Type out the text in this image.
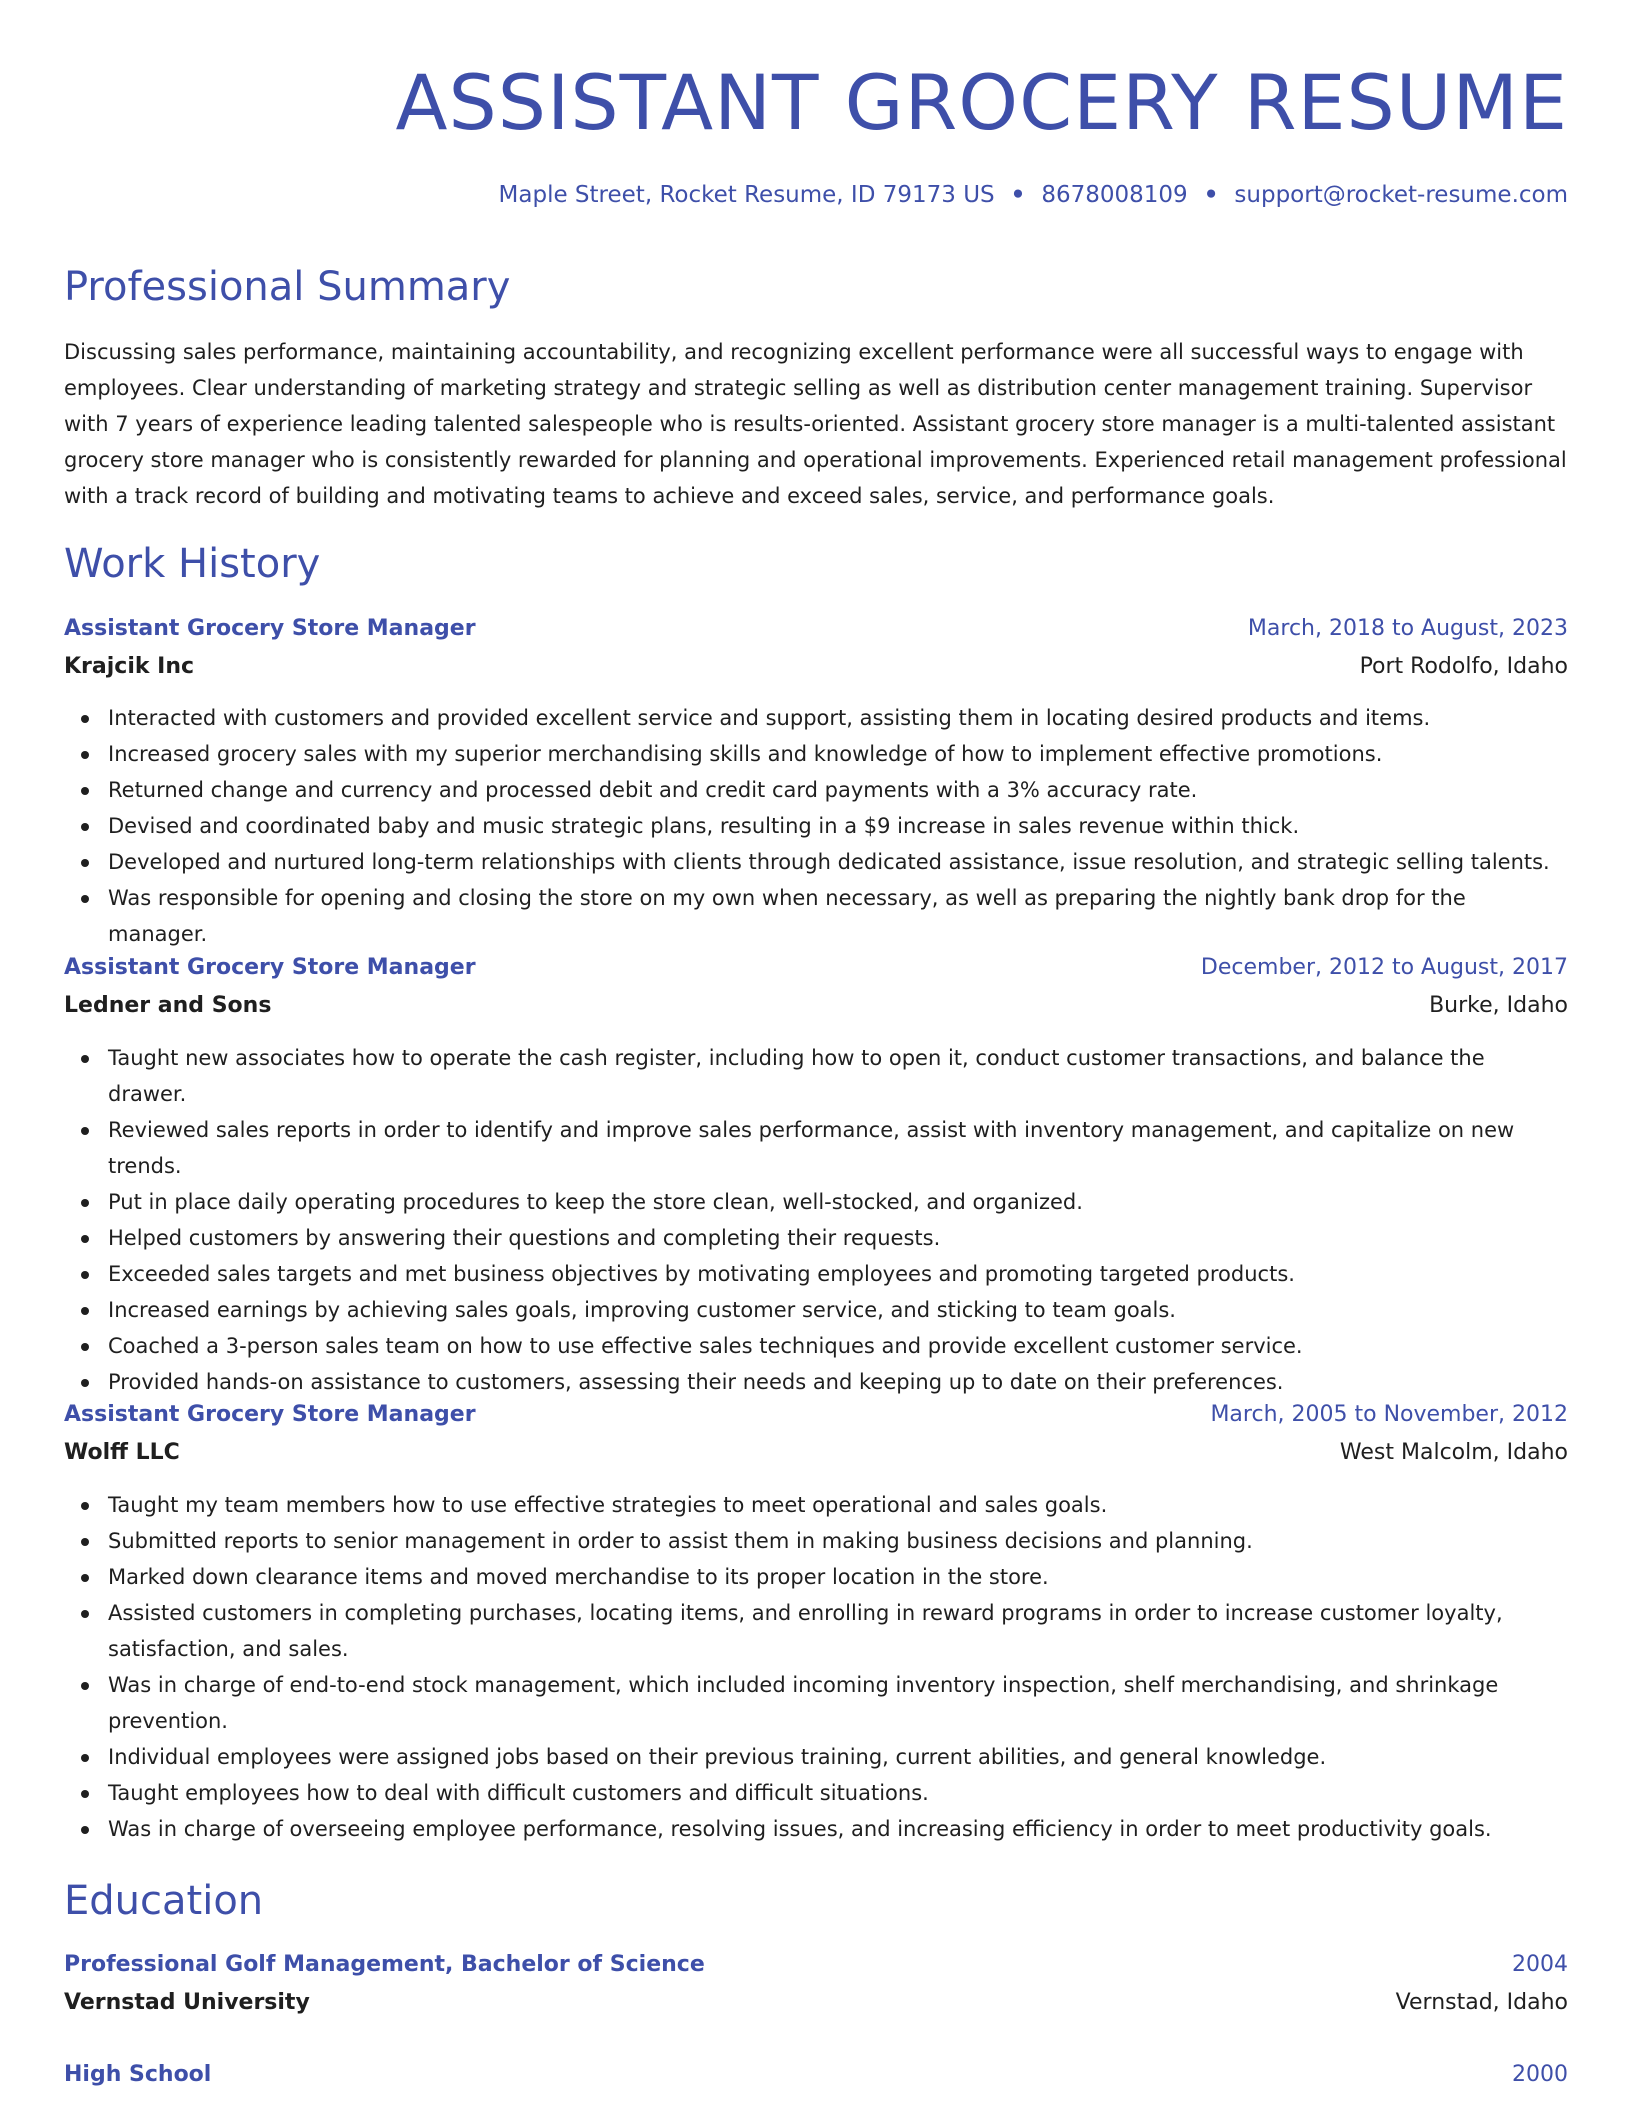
ASSISTANT GROCERY RESUME
Maple Street, Rocket Resume, ID 79173 US • 8678008109 • support@rocket-resume.com
Professional Summary

Discussing sales performance, maintaining accountability, and recognizing excellent performance were all successful ways to engage with employees. Clear understanding of marketing strategy and strategic selling as well as distribution center management training. Supervisor with 7 years of experience leading talented salespeople who is results-oriented. Assistant grocery store manager is a multi-talented assistant grocery store manager who is consistently rewarded for planning and operational improvements. Experienced retail management professional with a track record of building and motivating teams to achieve and exceed sales, service, and performance goals.

Work History
Assistant Grocery Store Manager	March, 2018 to August, 2023
Krajcik Inc	Port Rodolfo, Idaho
Interacted with customers and provided excellent service and support, assisting them in locating desired products and items.
Increased grocery sales with my superior merchandising skills and knowledge of how to implement effective promotions.
Returned change and currency and processed debit and credit card payments with a 3% accuracy rate.
Devised and coordinated baby and music strategic plans, resulting in a $9 increase in sales revenue within thick.
Developed and nurtured long-term relationships with clients through dedicated assistance, issue resolution, and strategic selling talents.
Was responsible for opening and closing the store on my own when necessary, as well as preparing the nightly bank drop for the manager.
Assistant Grocery Store Manager	December, 2012 to August, 2017
Ledner and Sons	Burke, Idaho
Taught new associates how to operate the cash register, including how to open it, conduct customer transactions, and balance the drawer.
Reviewed sales reports in order to identify and improve sales performance, assist with inventory management, and capitalize on new trends.
Put in place daily operating procedures to keep the store clean, well-stocked, and organized.
Helped customers by answering their questions and completing their requests.
Exceeded sales targets and met business objectives by motivating employees and promoting targeted products.
Increased earnings by achieving sales goals, improving customer service, and sticking to team goals.
Coached a 3-person sales team on how to use effective sales techniques and provide excellent customer service.
Provided hands-on assistance to customers, assessing their needs and keeping up to date on their preferences.
Assistant Grocery Store Manager	March, 2005 to November, 2012
Wolff LLC	West Malcolm, Idaho
Taught my team members how to use effective strategies to meet operational and sales goals.
Submitted reports to senior management in order to assist them in making business decisions and planning.
Marked down clearance items and moved merchandise to its proper location in the store.
Assisted customers in completing purchases, locating items, and enrolling in reward programs in order to increase customer loyalty, satisfaction, and sales.
Was in charge of end-to-end stock management, which included incoming inventory inspection, shelf merchandising, and shrinkage prevention.
Individual employees were assigned jobs based on their previous training, current abilities, and general knowledge.
Taught employees how to deal with difficult customers and difficult situations.
Was in charge of overseeing employee performance, resolving issues, and increasing efficiency in order to meet productivity goals.
Education
Professional Golf Management, Bachelor of Science	2004
Vernstad University	Vernstad, Idaho
High School	2000
